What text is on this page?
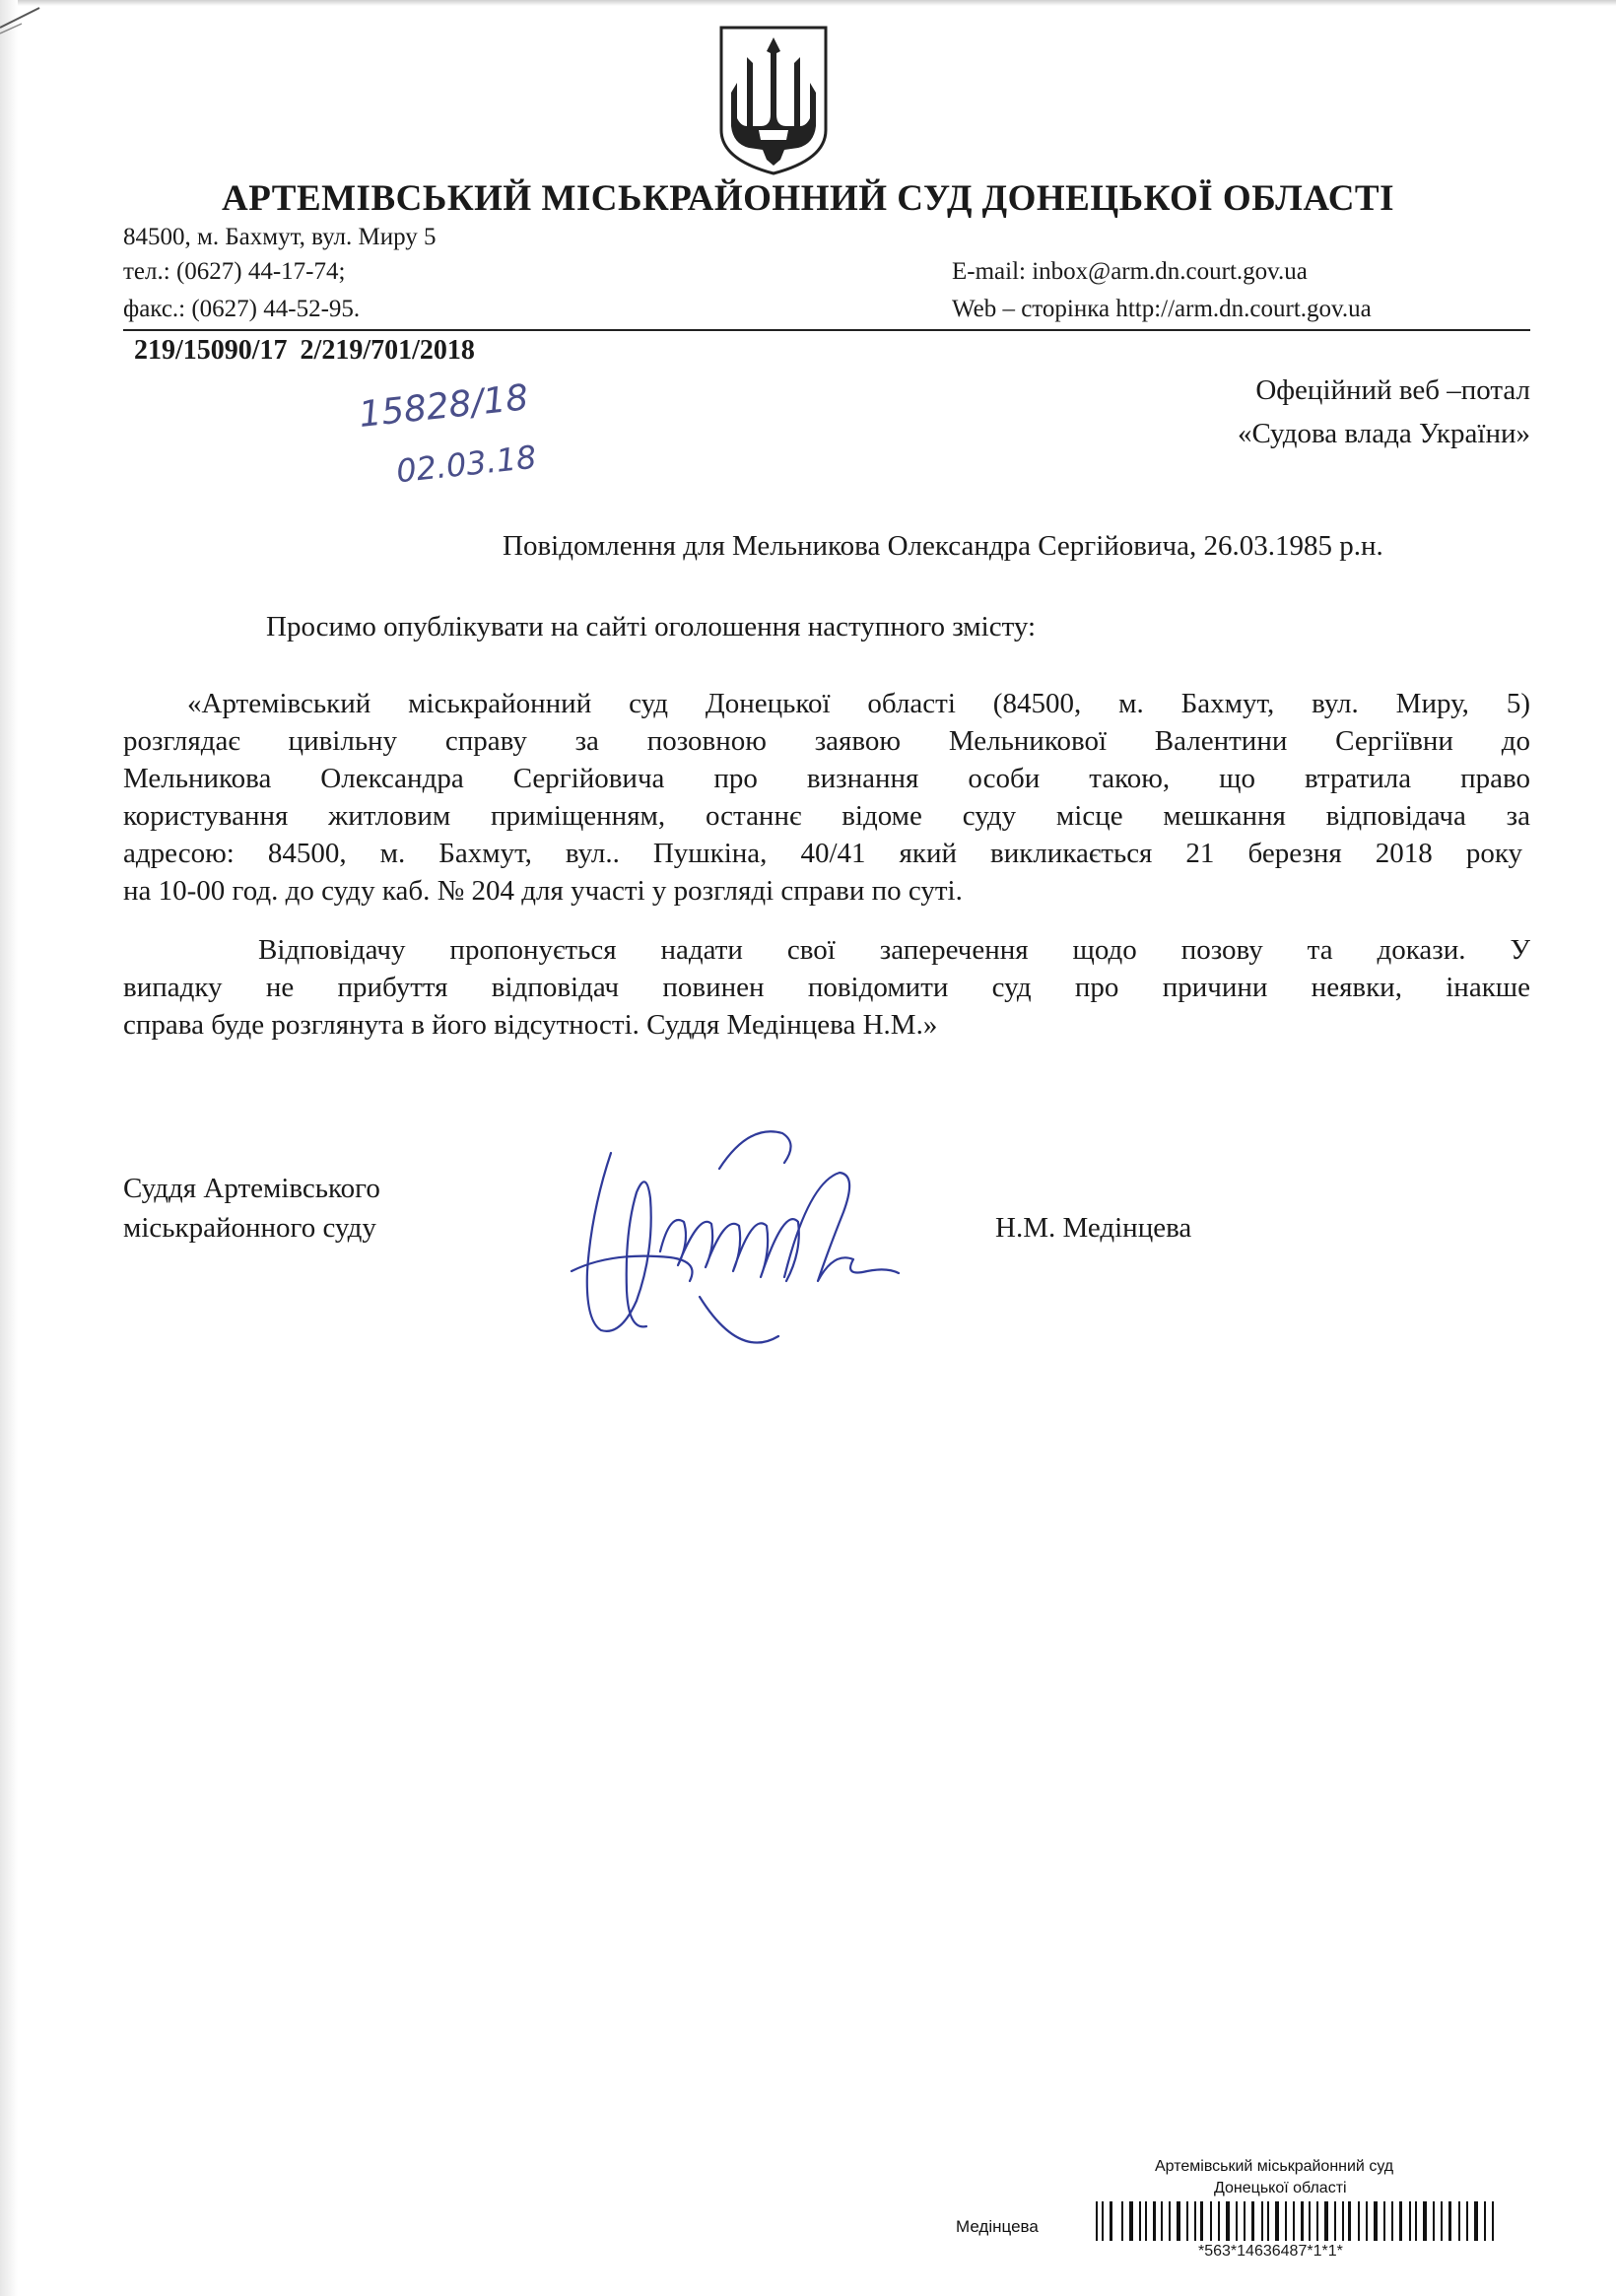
АРТЕМІВСЬКИЙ МІСЬКРАЙОННИЙ СУД ДОНЕЦЬКОЇ ОБЛАСТІ
84500, м. Бахмут, вул. Миру 5
тел.: (0627) 44-17-74;
факс.: (0627) 44-52-95.
E-mail: inbox@arm.dn.court.gov.ua
Web – сторінка http://arm.dn.court.gov.ua
219/15090/17 2/219/701/2018
15828/18
02.03.18
Офеційний веб –потал
«Судова влада України»
Повідомлення для Мельникова Олександра Сергійовича, 26.03.1985 р.н.
Просимо опублікувати на сайті оголошення наступного змісту:
«Артемівський міськрайонний суд Донецької області (84500, м. Бахмут, вул. Миру, 5)
розглядає цивільну справу за позовною заявою Мельникової Валентини Сергіївни до
Мельникова Олександра Сергійовича про визнання особи такою, що втратила право
користування житловим приміщенням, останнє відоме суду місце мешкання відповідача за
адресою: 84500, м. Бахмут, вул.. Пушкіна, 40/41 який викликається 21 березня 2018 року
на 10-00 год. до суду каб. № 204 для участі у розгляді справи по суті.
Відповідачу пропонується надати свої заперечення щодо позову та докази. У
випадку не прибуття відповідач повинен повідомити суд про причини неявки, інакше
справа буде розглянута в його відсутності. Суддя Медінцева Н.М.»
Суддя Артемівського
міськрайонного суду	Н.М. Медінцева
Артемівський міськрайонний суд
Донецької області
Медінцева
*563*14636487*1*1*
